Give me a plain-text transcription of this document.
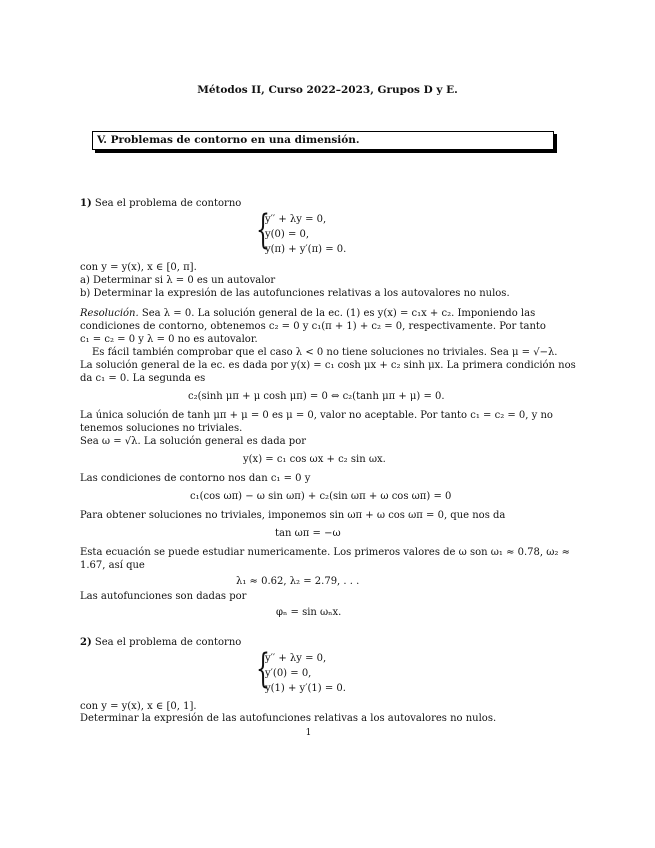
Métodos II, Curso 2022–2023, Grupos D y E.
V. Problemas de contorno en una dimensión.
1) Sea el problema de contorno
{
y′′ + λy = 0,
y(0) = 0,
y(π) + y′(π) = 0.
con y = y(x), x ∈ [0, π].
a) Determinar si λ = 0 es un autovalor
b) Determinar la expresión de las autofunciones relativas a los autovalores no nulos.
Resolución. Sea λ = 0. La solución general de la ec. (1) es y(x) = c₁x + c₂. Imponiendo las
condiciones de contorno, obtenemos c₂ = 0 y c₁(π + 1) + c₂ = 0, respectivamente. Por tanto
c₁ = c₂ = 0 y λ = 0 no es autovalor.
Es fácil también comprobar que el caso λ < 0 no tiene soluciones no triviales. Sea μ = √−λ.
La solución general de la ec. es dada por y(x) = c₁ cosh μx + c₂ sinh μx. La primera condición nos
da c₁ = 0. La segunda es
c₂(sinh μπ + μ cosh μπ) = 0 ⇔ c₂(tanh μπ + μ) = 0.
La única solución de tanh μπ + μ = 0 es μ = 0, valor no aceptable. Por tanto c₁ = c₂ = 0, y no
tenemos soluciones no triviales.
Sea ω = √λ. La solución general es dada por
y(x) = c₁ cos ωx + c₂ sin ωx.
Las condiciones de contorno nos dan c₁ = 0 y
c₁(cos ωπ) − ω sin ωπ) + c₂(sin ωπ + ω cos ωπ) = 0
Para obtener soluciones no triviales, imponemos sin ωπ + ω cos ωπ = 0, que nos da
tan ωπ = −ω
Esta ecuación se puede estudiar numericamente. Los primeros valores de ω son ω₁ ≈ 0.78, ω₂ ≈
1.67, así que
λ₁ ≈ 0.62, λ₂ = 2.79, . . .
Las autofunciones son dadas por
φₙ = sin ωₙx.
2) Sea el problema de contorno
{
y′′ + λy = 0,
y′(0) = 0,
y(1) + y′(1) = 0.
con y = y(x), x ∈ [0, 1].
Determinar la expresión de las autofunciones relativas a los autovalores no nulos.
1
